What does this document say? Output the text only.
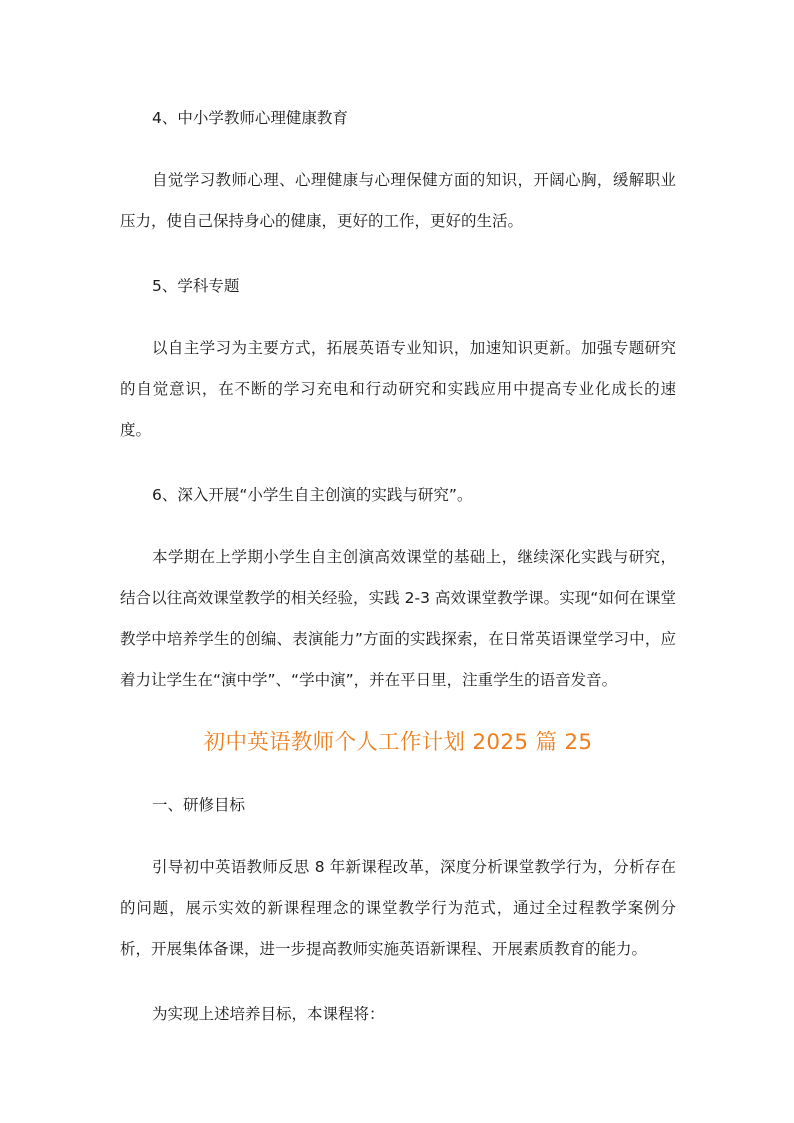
4、中小学教师心理健康教育

自觉学习教师心理、心理健康与心理保健方面的知识，开阔心胸，缓解职业压力，使自己保持身心的健康，更好的工作，更好的生活。

5、学科专题

以自主学习为主要方式，拓展英语专业知识，加速知识更新。加强专题研究的自觉意识，在不断的学习充电和行动研究和实践应用中提高专业化成长的速度。

6、深入开展“小学生自主创演的实践与研究”。

本学期在上学期小学生自主创演高效课堂的基础上，继续深化实践与研究，结合以往高效课堂教学的相关经验，实践 2-3 高效课堂教学课。实现“如何在课堂教学中培养学生的创编、表演能力”方面的实践探索，在日常英语课堂学习中，应着力让学生在“演中学”、“学中演”，并在平日里，注重学生的语音发音。

初中英语教师个人工作计划 2025 篇 25

一、研修目标

引导初中英语教师反思 8 年新课程改革，深度分析课堂教学行为，分析存在的问题，展示实效的新课程理念的课堂教学行为范式，通过全过程教学案例分析，开展集体备课，进一步提高教师实施英语新课程、开展素质教育的能力。

为实现上述培养目标，本课程将：
